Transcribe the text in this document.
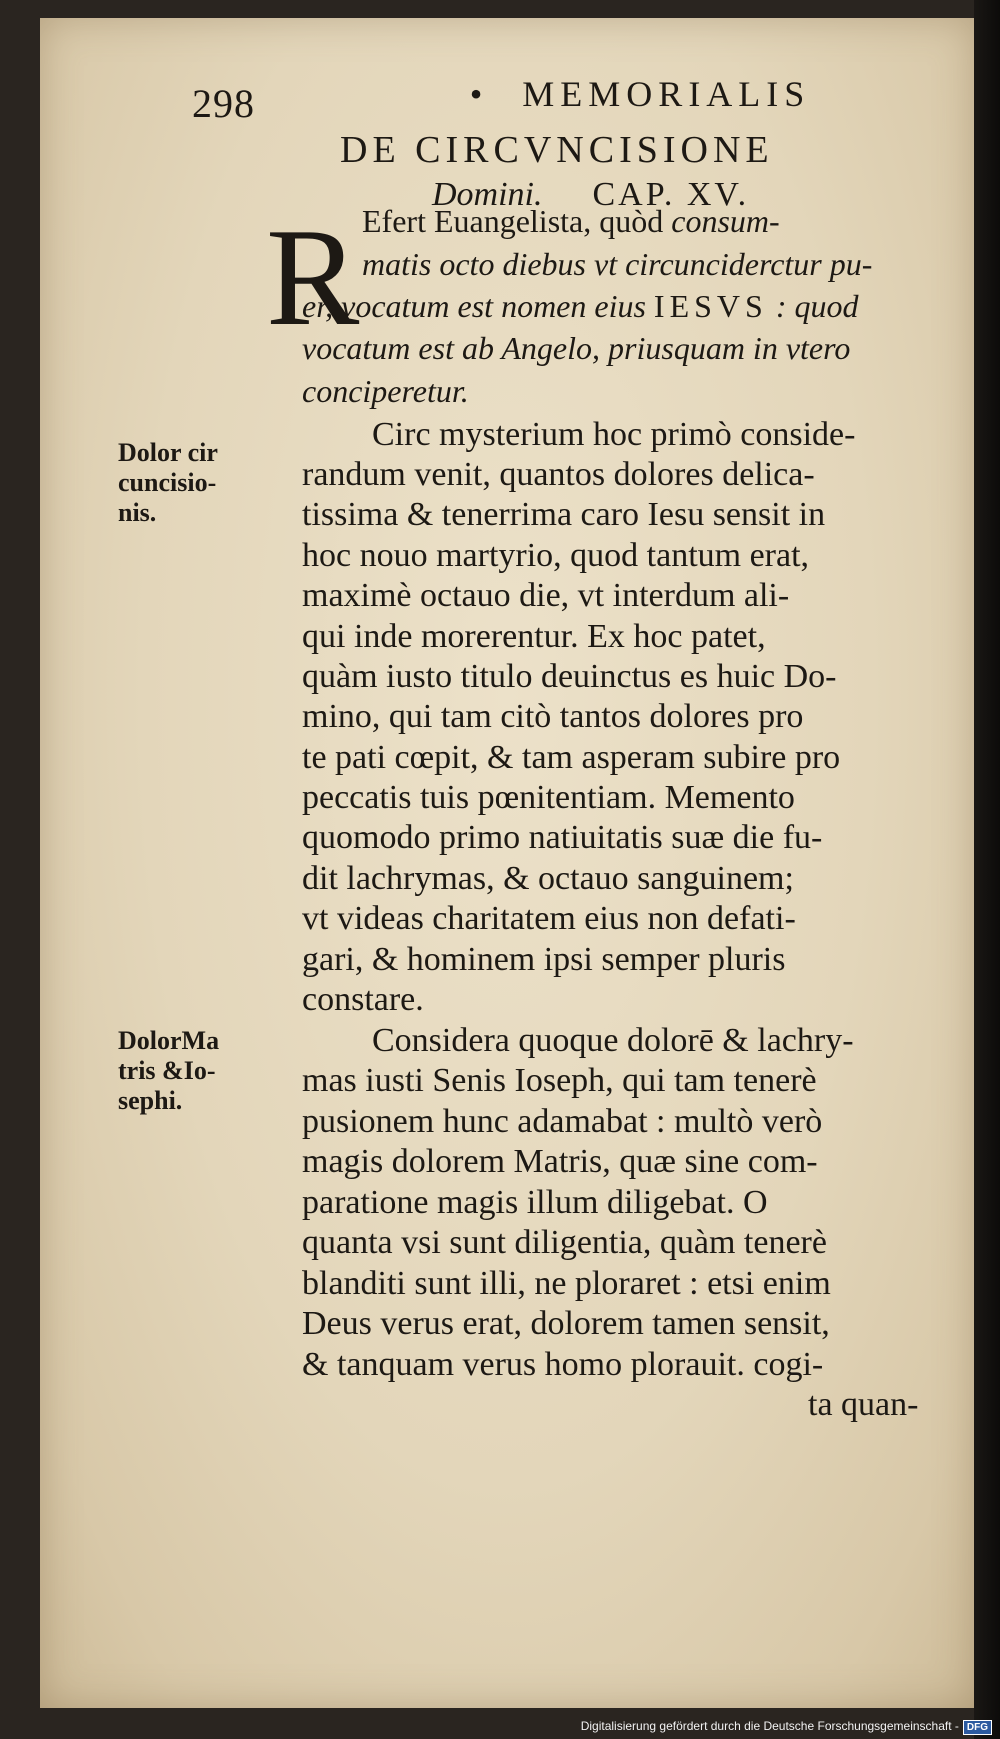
298	• MEMORIALIS
DE CIRCVNCISIONE
Domini. CAP. XV.
R Efert Euangelista, quòd consum-
matis octo diebus vt circunciderctur pu-
er, vocatum est nomen eius IESVS : quod
vocatum est ab Angelo, priusquam in vtero
conciperetur.
Dolor cir
cuncisio-
nis.
Circ mysterium hoc primò conside-
randum venit, quantos dolores delica-
tissima & tenerrima caro Iesu sensit in
hoc nouo martyrio, quod tantum erat,
maximè octauo die, vt interdum ali-
qui inde morerentur. Ex hoc patet,
quàm iusto titulo deuinctus es huic Do-
mino, qui tam citò tantos dolores pro
te pati cœpit, & tam asperam subire pro
peccatis tuis pœnitentiam. Memento
quomodo primo natiuitatis suæ die fu-
dit lachrymas, & octauo sanguinem;
vt videas charitatem eius non defati-
gari, & hominem ipsi semper pluris
constare.
DolorMa
tris &Io-
sephi.
Considera quoque dolorē & lachry-
mas iusti Senis Ioseph, qui tam tenerè
pusionem hunc adamabat : multò verò
magis dolorem Matris, quæ sine com-
paratione magis illum diligebat. O
quanta vsi sunt diligentia, quàm tenerè
blanditi sunt illi, ne ploraret : etsi enim
Deus verus erat, dolorem tamen sensit,
& tanquam verus homo plorauit. cogi-
ta quan-
Digitalisierung gefördert durch die Deutsche Forschungsgemeinschaft - DFG
